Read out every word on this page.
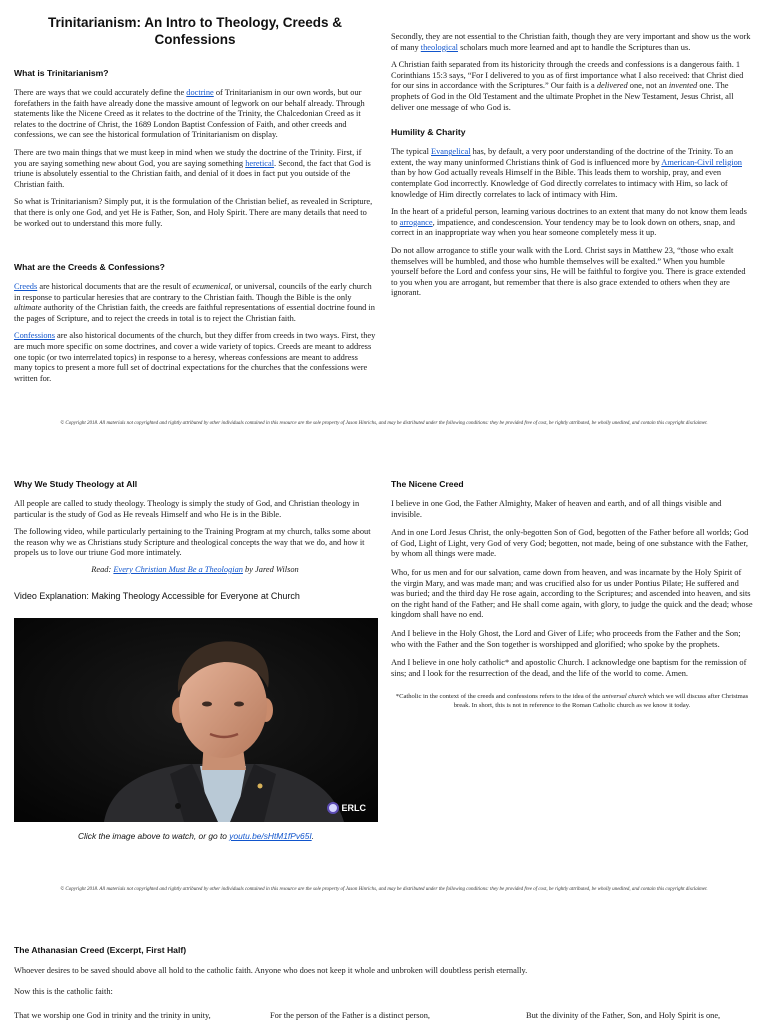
Trinitarianism: An Intro to Theology, Creeds & Confessions
What is Trinitarianism?

There are ways that we could accurately define the doctrine of Trinitarianism in our own words, but our forefathers in the faith have already done the massive amount of legwork on our behalf already. Through statements like the Nicene Creed as it relates to the doctrine of the Trinity, the Chalcedonian Creed as it relates to the doctrine of Christ, the 1689 London Baptist Confession of Faith, and other creeds and confessions, we can see the historical formulation of Trinitarianism on display.

There are two main things that we must keep in mind when we study the doctrine of the Trinity. First, if you are saying something new about God, you are saying something heretical. Second, the fact that God is triune is absolutely essential to the Christian faith, and denial of it does in fact put you outside of the Christian faith.

So what is Trinitarianism? Simply put, it is the formulation of the Christian belief, as revealed in Scripture, that there is only one God, and yet He is Father, Son, and Holy Spirit. There are many details that need to be worked out to understand this more fully.

What are the Creeds & Confessions?

Creeds are historical documents that are the result of ecumenical, or universal, councils of the early church in response to particular heresies that are contrary to the Christian faith. Though the Bible is the only ultimate authority of the Christian faith, the creeds are faithful representations of essential doctrine found in the pages of Scripture, and to reject the creeds in total is to reject the Christian faith.

Confessions are also historical documents of the church, but they differ from creeds in two ways. First, they are much more specific on some doctrines, and cover a wide variety of topics. Creeds are meant to address one topic (or two interrelated topics) in response to a heresy, whereas confessions are meant to address many topics to present a more full set of doctrinal expectations for the churches that the confessions were written for.

Secondly, they are not essential to the Christian faith, though they are very important and show us the work of many theological scholars much more learned and apt to handle the Scriptures than us.

A Christian faith separated from its historicity through the creeds and confessions is a dangerous faith. 1 Corinthians 15:3 says, “For I delivered to you as of first importance what I also received: that Christ died for our sins in accordance with the Scriptures.” Our faith is a delivered one, not an invented one. The prophets of God in the Old Testament and the ultimate Prophet in the New Testament, Jesus Christ, all deliver one message of who God is.

Humility & Charity

The typical Evangelical has, by default, a very poor understanding of the doctrine of the Trinity. To an extent, the way many uninformed Christians think of God is influenced more by American-Civil religion than by how God actually reveals Himself in the Bible. This leads them to worship, pray, and even contemplate God incorrectly. Knowledge of God directly correlates to intimacy with Him, so lack of knowledge of Him directly correlates to lack of intimacy with Him.

In the heart of a prideful person, learning various doctrines to an extent that many do not know them leads to arrogance, impatience, and condescension. Your tendency may be to look down on others, snap, and correct in an inappropriate way when you hear someone completely mess it up.

Do not allow arrogance to stifle your walk with the Lord. Christ says in Matthew 23, “those who exalt themselves will be humbled, and those who humble themselves will be exalted.” When you humble yourself before the Lord and confess your sins, He will be faithful to forgive you. There is grace extended to you when you are arrogant, but remember that there is also grace extended to others when they are ignorant.

© Copyright 2018. All materials not copyrighted and rightly attributed by other individuals contained in this resource are the sole property of Jason Hinrichs, and may be distributed under the following conditions: they be provided free of cost, be rightly attributed, be wholly unedited, and contain this copyright disclaimer.
Why We Study Theology at All

All people are called to study theology. Theology is simply the study of God, and Christian theology in particular is the study of God as He reveals Himself and who He is in the Bible.

The following video, while particularly pertaining to the Training Program at my church, talks some about the reason why we as Christians study Scripture and theological concepts the way that we do, and how it propels us to love our triune God more intimately.

Read: Every Christian Must Be a Theologian by Jared Wilson

Video Explanation: Making Theology Accessible for Everyone at Church
ERLC
Click the image above to watch, or go to youtu.be/sHtM1fPv65I.
The Nicene Creed

I believe in one God, the Father Almighty, Maker of heaven and earth, and of all things visible and invisible.

And in one Lord Jesus Christ, the only-begotten Son of God, begotten of the Father before all worlds; God of God, Light of Light, very God of very God; begotten, not made, being of one substance with the Father, by whom all things were made.

Who, for us men and for our salvation, came down from heaven, and was incarnate by the Holy Spirit of the virgin Mary, and was made man; and was crucified also for us under Pontius Pilate; He suffered and was buried; and the third day He rose again, according to the Scriptures; and ascended into heaven, and sits on the right hand of the Father; and He shall come again, with glory, to judge the quick and the dead; whose kingdom shall have no end.

And I believe in the Holy Ghost, the Lord and Giver of Life; who proceeds from the Father and the Son; who with the Father and the Son together is worshipped and glorified; who spoke by the prophets.

And I believe in one holy catholic* and apostolic Church. I acknowledge one baptism for the remission of sins; and I look for the resurrection of the dead, and the life of the world to come. Amen.

*Catholic in the context of the creeds and confessions refers to the idea of the universal church which we will discuss after Christmas break. In short, this is not in reference to the Roman Catholic church as we know it today.
© Copyright 2018. All materials not copyrighted and rightly attributed by other individuals contained in this resource are the sole property of Jason Hinrichs, and may be distributed under the following conditions: they be provided free of cost, be rightly attributed, be wholly unedited, and contain this copyright disclaimer.
The Athanasian Creed (Excerpt, First Half)

Whoever desires to be saved should above all hold to the catholic faith. Anyone who does not keep it whole and unbroken will doubtless perish eternally.

Now this is the catholic faith:

That we worship one God in trinity and the trinity in unity,	For the person of the Father is a distinct person,	But the divinity of the Father, Son, and Holy Spirit is one,
